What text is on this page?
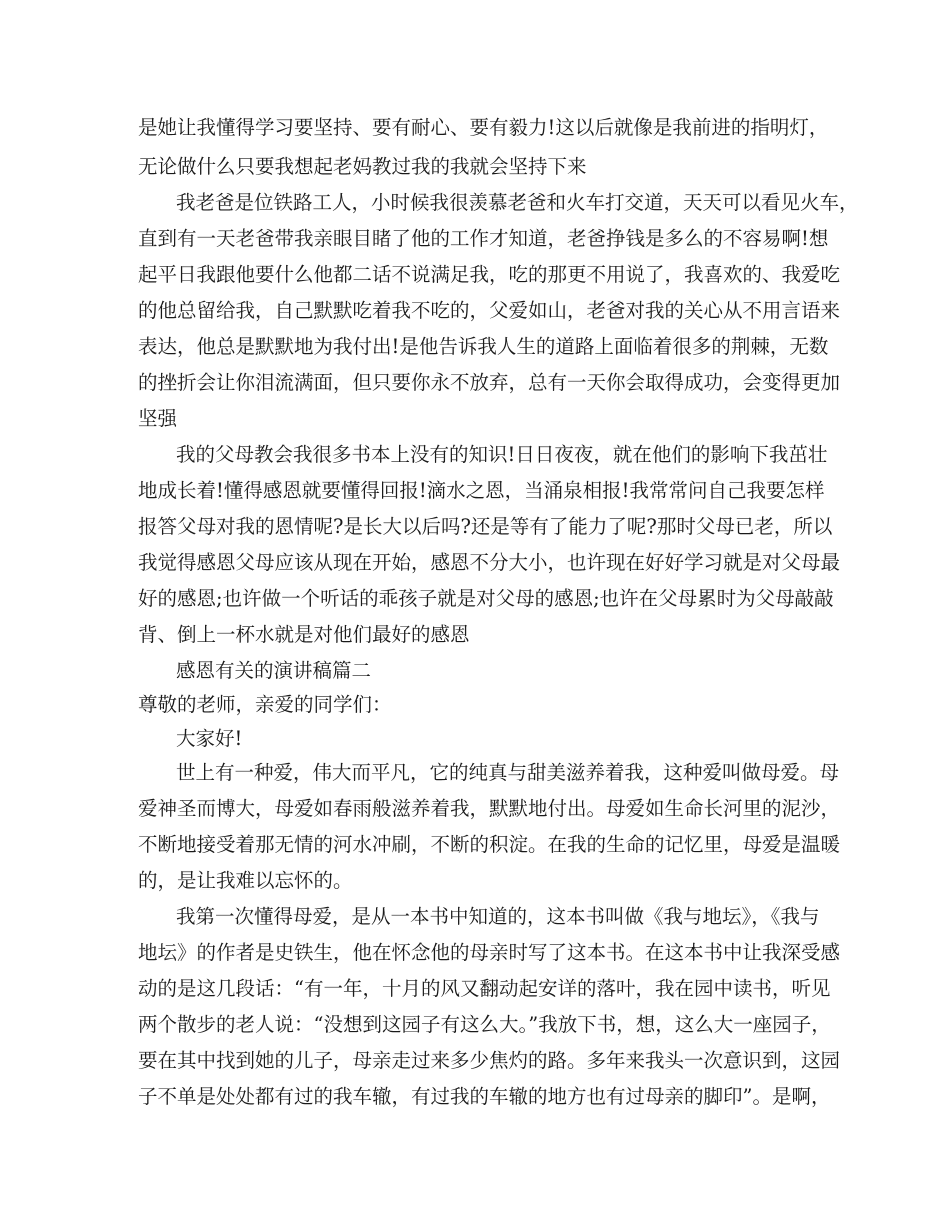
是她让我懂得学习要坚持、要有耐心、要有毅力!这以后就像是我前进的指明灯，
无论做什么只要我想起老妈教过我的我就会坚持下来
我老爸是位铁路工人，小时候我很羡慕老爸和火车打交道，天天可以看见火车，
直到有一天老爸带我亲眼目睹了他的工作才知道，老爸挣钱是多么的不容易啊!想
起平日我跟他要什么他都二话不说满足我，吃的那更不用说了，我喜欢的、我爱吃
的他总留给我，自己默默吃着我不吃的，父爱如山，老爸对我的关心从不用言语来
表达，他总是默默地为我付出!是他告诉我人生的道路上面临着很多的荆棘，无数
的挫折会让你泪流满面，但只要你永不放弃，总有一天你会取得成功，会变得更加
坚强
我的父母教会我很多书本上没有的知识!日日夜夜，就在他们的影响下我茁壮
地成长着!懂得感恩就要懂得回报!滴水之恩，当涌泉相报!我常常问自己我要怎样
报答父母对我的恩情呢?是长大以后吗?还是等有了能力了呢?那时父母已老，所以
我觉得感恩父母应该从现在开始，感恩不分大小，也许现在好好学习就是对父母最
好的感恩;也许做一个听话的乖孩子就是对父母的感恩;也许在父母累时为父母敲敲
背、倒上一杯水就是对他们最好的感恩
感恩有关的演讲稿篇二
尊敬的老师，亲爱的同学们：
大家好!
世上有一种爱，伟大而平凡，它的纯真与甜美滋养着我，这种爱叫做母爱。母
爱神圣而博大，母爱如春雨般滋养着我，默默地付出。母爱如生命长河里的泥沙，
不断地接受着那无情的河水冲刷，不断的积淀。在我的生命的记忆里，母爱是温暖
的，是让我难以忘怀的。
我第一次懂得母爱，是从一本书中知道的，这本书叫做《我与地坛》，《我与
地坛》的作者是史铁生，他在怀念他的母亲时写了这本书。在这本书中让我深受感
动的是这几段话：“有一年，十月的风又翻动起安详的落叶，我在园中读书，听见
两个散步的老人说：“没想到这园子有这么大。”我放下书，想，这么大一座园子，
要在其中找到她的儿子，母亲走过来多少焦灼的路。多年来我头一次意识到，这园
子不单是处处都有过的我车辙，有过我的车辙的地方也有过母亲的脚印”。是啊，
